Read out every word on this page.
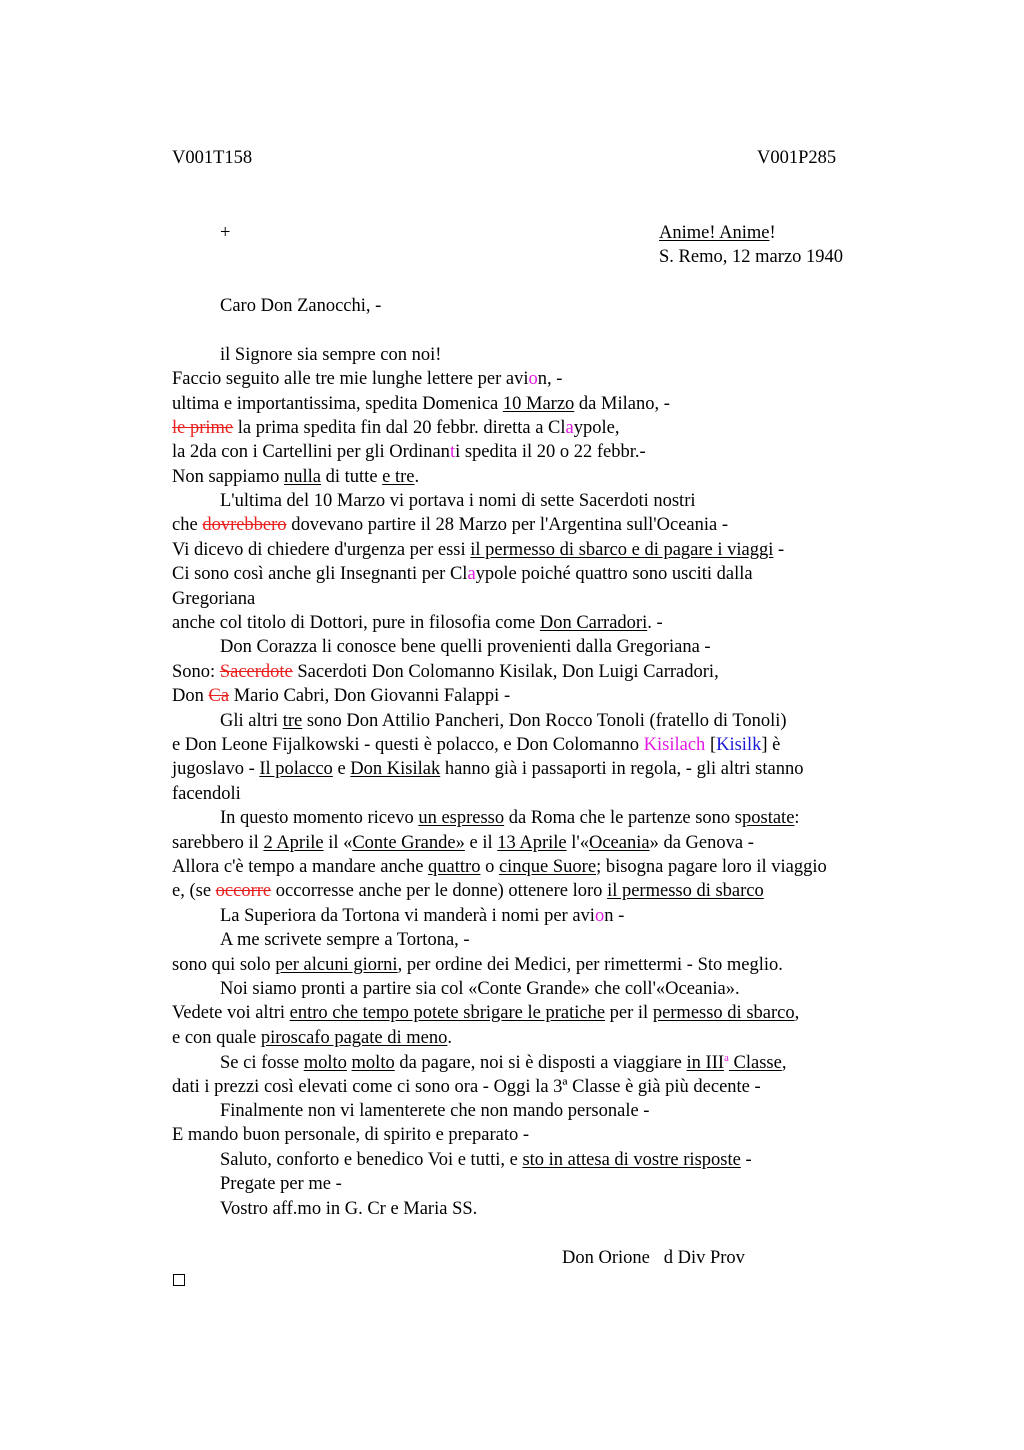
V001T158	V001P285
+	Anime! Anime!
S. Remo, 12 marzo 1940
Caro Don Zanocchi, -
il Signore sia sempre con noi!
Faccio seguito alle tre mie lunghe lettere per avion, -
ultima e importantissima, spedita Domenica 10 Marzo da Milano, -
le prime la prima spedita fin dal 20 febbr. diretta a Claypole,
la 2da con i Cartellini per gli Ordinanti spedita il 20 o 22 febbr.-
Non sappiamo nulla di tutte e tre.
L'ultima del 10 Marzo vi portava i nomi di sette Sacerdoti nostri
che dovrebbero dovevano partire il 28 Marzo per l'Argentina sull'Oceania -
Vi dicevo di chiedere d'urgenza per essi il permesso di sbarco e di pagare i viaggi -
Ci sono così anche gli Insegnanti per Claypole poiché quattro sono usciti dalla
Gregoriana
anche col titolo di Dottori, pure in filosofia come Don Carradori. -
Don Corazza li conosce bene quelli provenienti dalla Gregoriana -
Sono: Sacerdote Sacerdoti Don Colomanno Kisilak, Don Luigi Carradori,
Don Ca Mario Cabri, Don Giovanni Falappi -
Gli altri tre sono Don Attilio Pancheri, Don Rocco Tonoli (fratello di Tonoli)
e Don Leone Fijalkowski - questi è polacco, e Don Colomanno Kisilach [Kisilk] è
jugoslavo - Il polacco e Don Kisilak hanno già i passaporti in regola, - gli altri stanno
facendoli
In questo momento ricevo un espresso da Roma che le partenze sono spostate:
sarebbero il 2 Aprile il «Conte Grande» e il 13 Aprile l'«Oceania» da Genova -
Allora c'è tempo a mandare anche quattro o cinque Suore; bisogna pagare loro il viaggio
e, (se occorre occorresse anche per le donne) ottenere loro il permesso di sbarco
La Superiora da Tortona vi manderà i nomi per avion -
A me scrivete sempre a Tortona, -
sono qui solo per alcuni giorni, per ordine dei Medici, per rimettermi - Sto meglio.
Noi siamo pronti a partire sia col «Conte Grande» che coll'«Oceania».
Vedete voi altri entro che tempo potete sbrigare le pratiche per il permesso di sbarco,
e con quale piroscafo pagate di meno.
Se ci fosse molto molto da pagare, noi si è disposti a viaggiare in III$^a$ Classe,
dati i prezzi così elevati come ci sono ora - Oggi la 3ª Classe è già più decente -
Finalmente non vi lamenterete che non mando personale -
E mando buon personale, di spirito e preparato -
Saluto, conforto e benedico Voi e tutti, e sto in attesa di vostre risposte -
Pregate per me -
Vostro aff.mo in G. Cr e Maria SS.
Don Orione   d Div Prov
